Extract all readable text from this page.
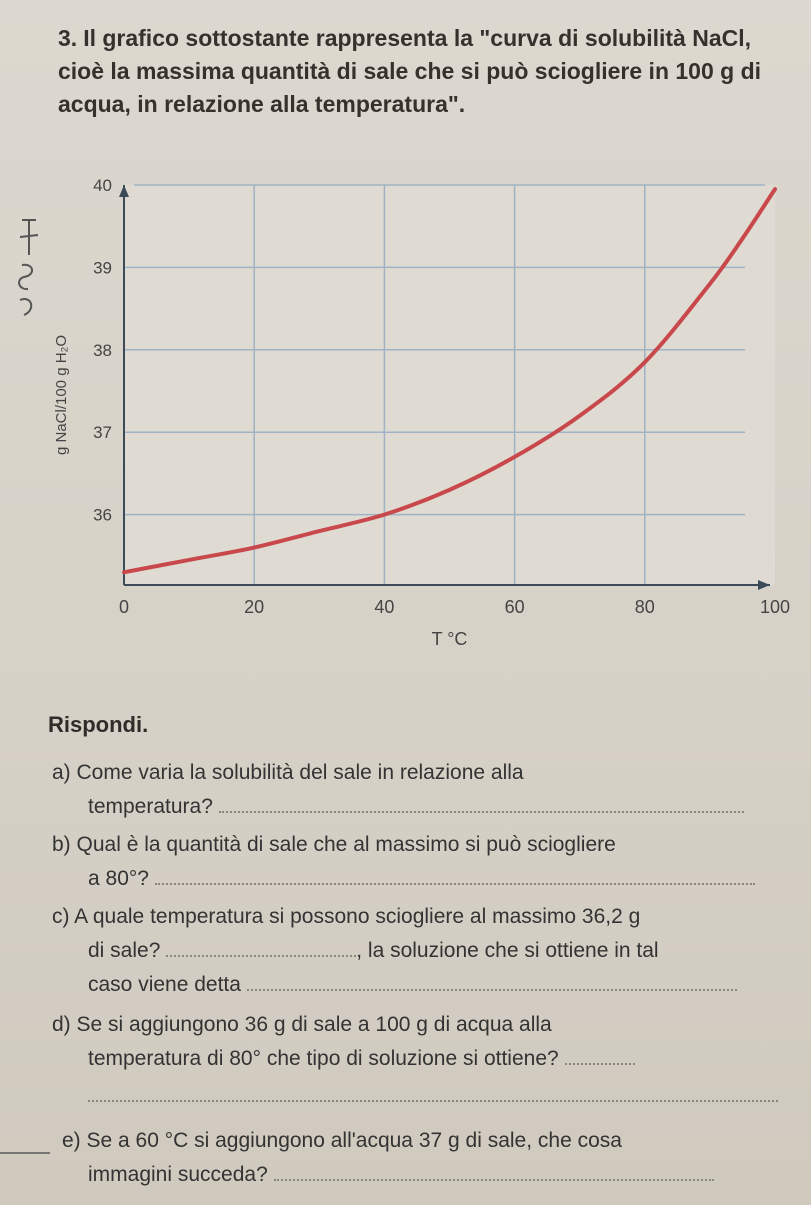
3. Il grafico sottostante rappresenta la "curva di solubilità NaCl, cioè la massima quantità di sale che si può sciogliere in 100 g di acqua, in relazione alla temperatura".
0	20	40	60	80	100
36
37
38
39
40
T °C
g NaCl/100 g H₂O
Rispondi.
a) Come varia la solubilità del sale in relazione alla
temperatura?
b) Qual è la quantità di sale che al massimo si può sciogliere
a 80°?
c) A quale temperatura si possono sciogliere al massimo 36,2 g
di sale?	, la soluzione che si ottiene in tal
caso viene detta
d) Se si aggiungono 36 g di sale a 100 g di acqua alla
temperatura di 80° che tipo di soluzione si ottiene?
e) Se a 60 °C si aggiungono all'acqua 37 g di sale, che cosa
immagini succeda?
